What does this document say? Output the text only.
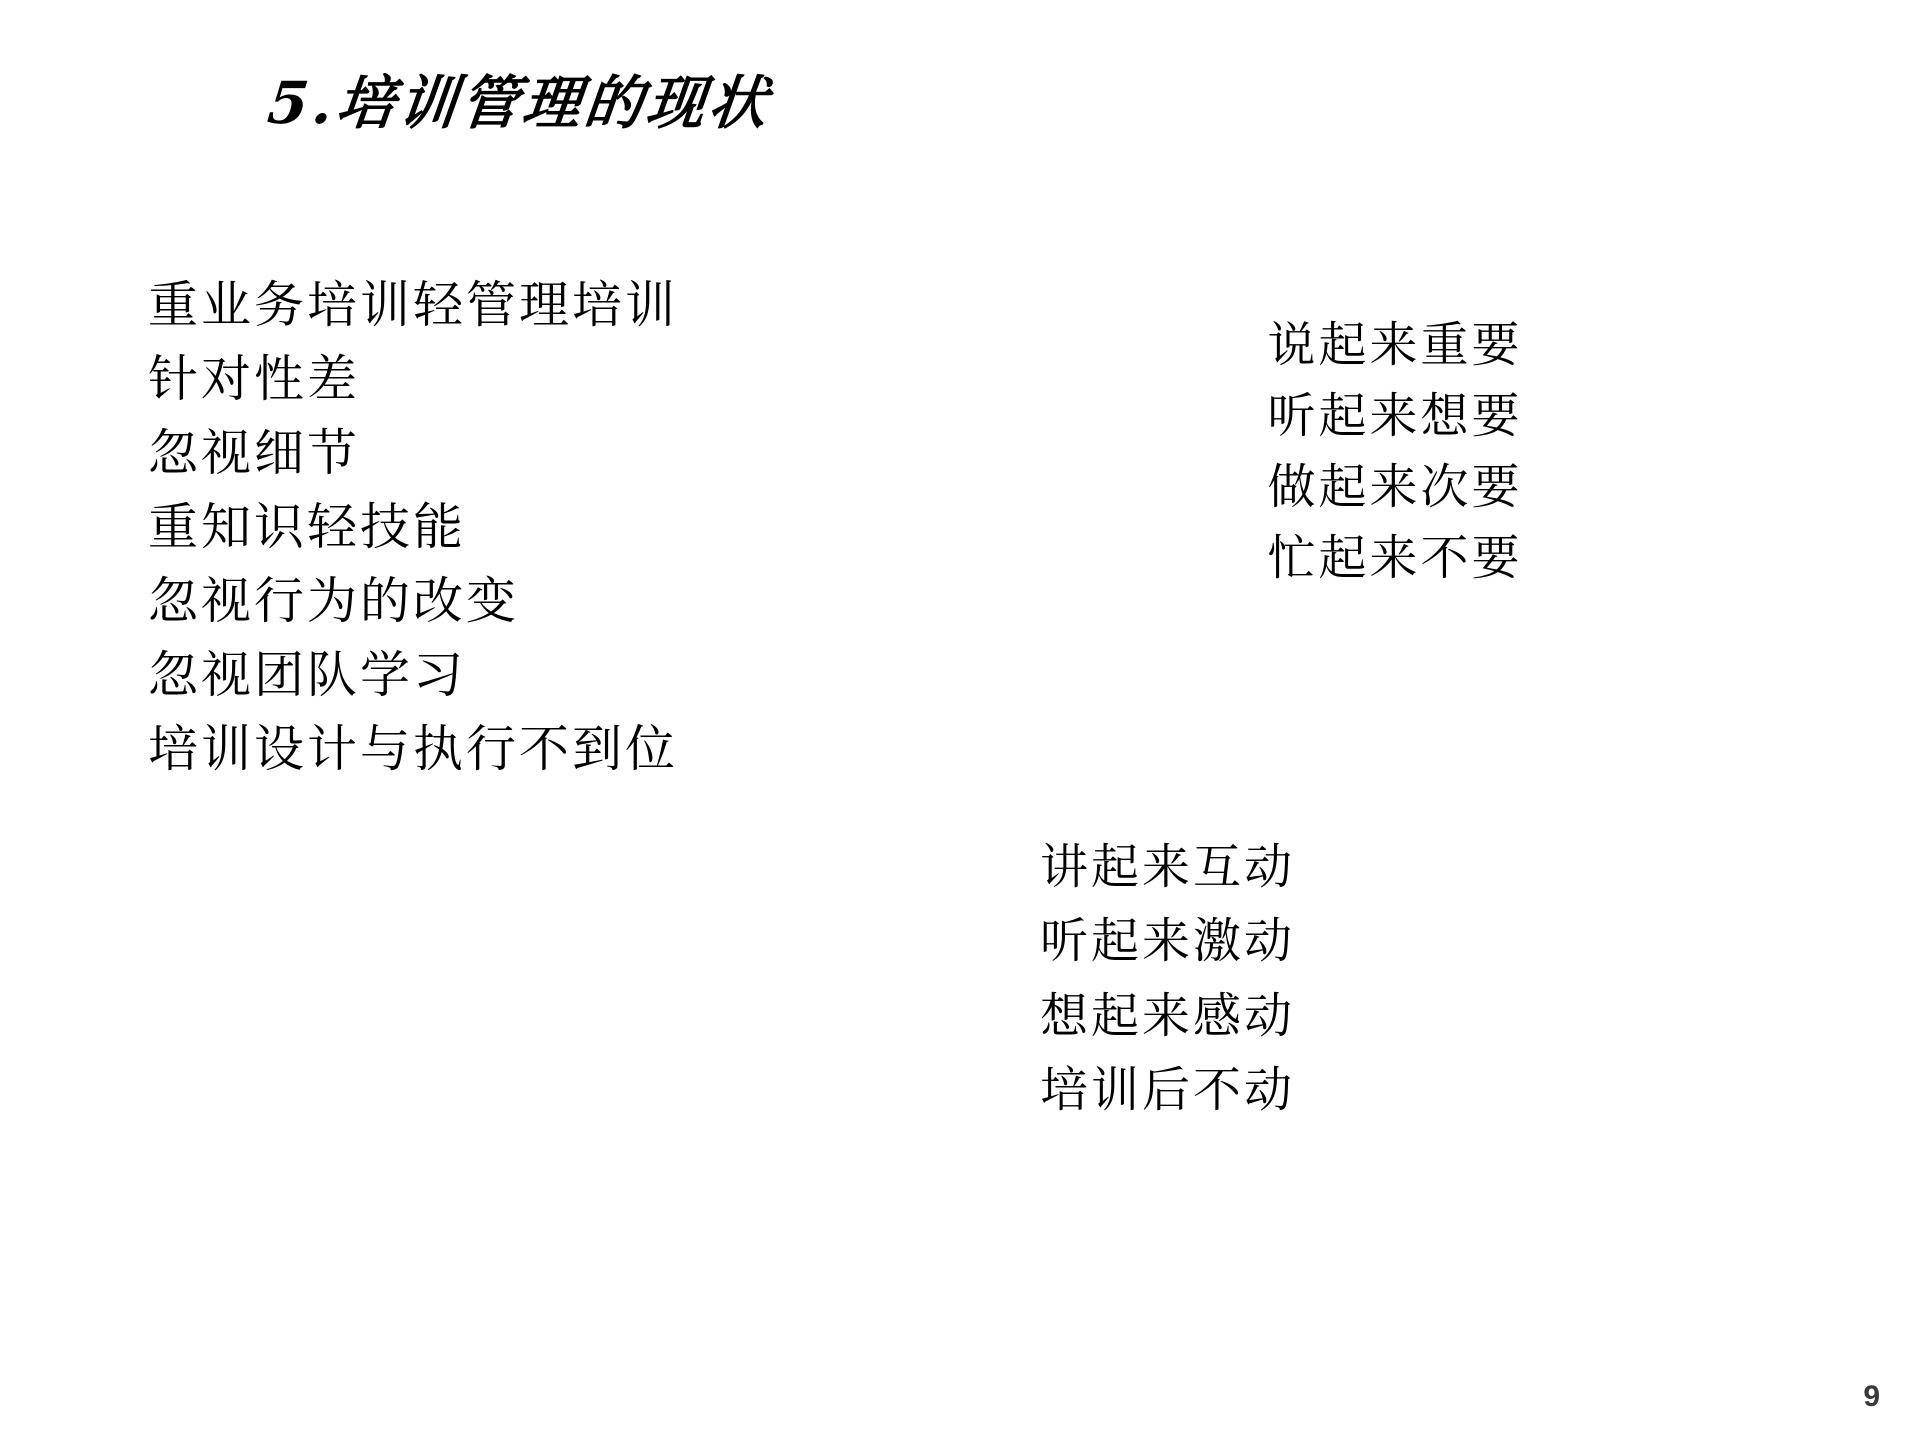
5.培训管理的现状
重业务培训轻管理培训
针对性差
忽视细节
重知识轻技能
忽视行为的改变
忽视团队学习
培训设计与执行不到位
说起来重要
听起来想要
做起来次要
忙起来不要
讲起来互动
听起来激动
想起来感动
培训后不动
9
